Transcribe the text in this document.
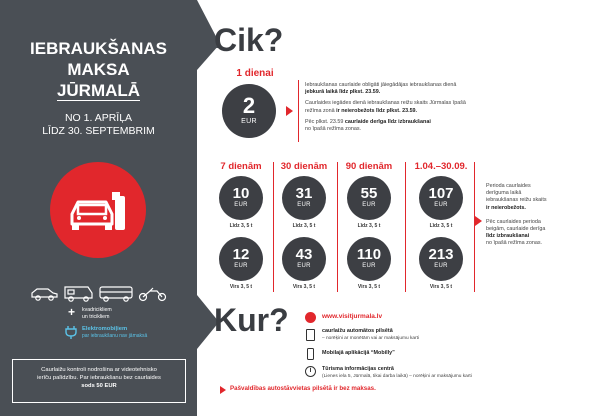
IEBRAUKŠANAS
MAKSA
JŪRMALĀ
NO 1. APRĪĻA
LĪDZ 30. SEPTEMBRIM
+ kvadricikliem
un tricikliem
Elektromobiļiem
par iebraukšanu nav jāmaksā
Caurlaižu kontroli nodrošina ar videotehnisko
ierīču palīdzību. Par iebraukšanu bez caurlaides
sods 50 EUR
Cik?
1 dienai
2
EUR
Iebraukšanas caurlaide obligāti jāiegādājas iebraukšanas dienā
jebkurā laikā līdz plkst. 23.59.
Caurlaides iegādes dienā iebraukšanas reižu skaits Jūrmalas īpašā
režīma zonā ir neierobežots līdz plkst. 23.59.
Pēc plkst. 23.59 caurlaide derīga līdz izbraukšanai
no īpašā režīma zonas.
7 dienām
10
EUR
Līdz 3, 5 t
12
EUR
Virs 3, 5 t
30 dienām
31
EUR
Līdz 3, 5 t
43
EUR
Virs 3, 5 t
90 dienām
55
EUR
Līdz 3, 5 t
110
EUR
Virs 3, 5 t
1.04.–30.09.
107
EUR
Līdz 3, 5 t
213
EUR
Virs 3, 5 t
Perioda caurlaides
derīguma laikā
iebraukšanas reižu skaits
ir neierobežots.
Pēc caurlaides perioda
beigām, caurlaide derīga
līdz izbraukšanai
no īpašā režīma zonas.
Kur?	www.visitjurmala.lv
caurlaižu automātos pilsētā
– norēķini ar monētām vai ar maksājumu karti
Mobilajā aplikācijā “Mobilly”
i	Tūrisma informācijas centrā
(Lienes iela 5, Jūrmalā, tikai darba laikā) – norēķini ar maksājumu karti
Pašvaldības autostāvvietas pilsētā ir bez maksas.
